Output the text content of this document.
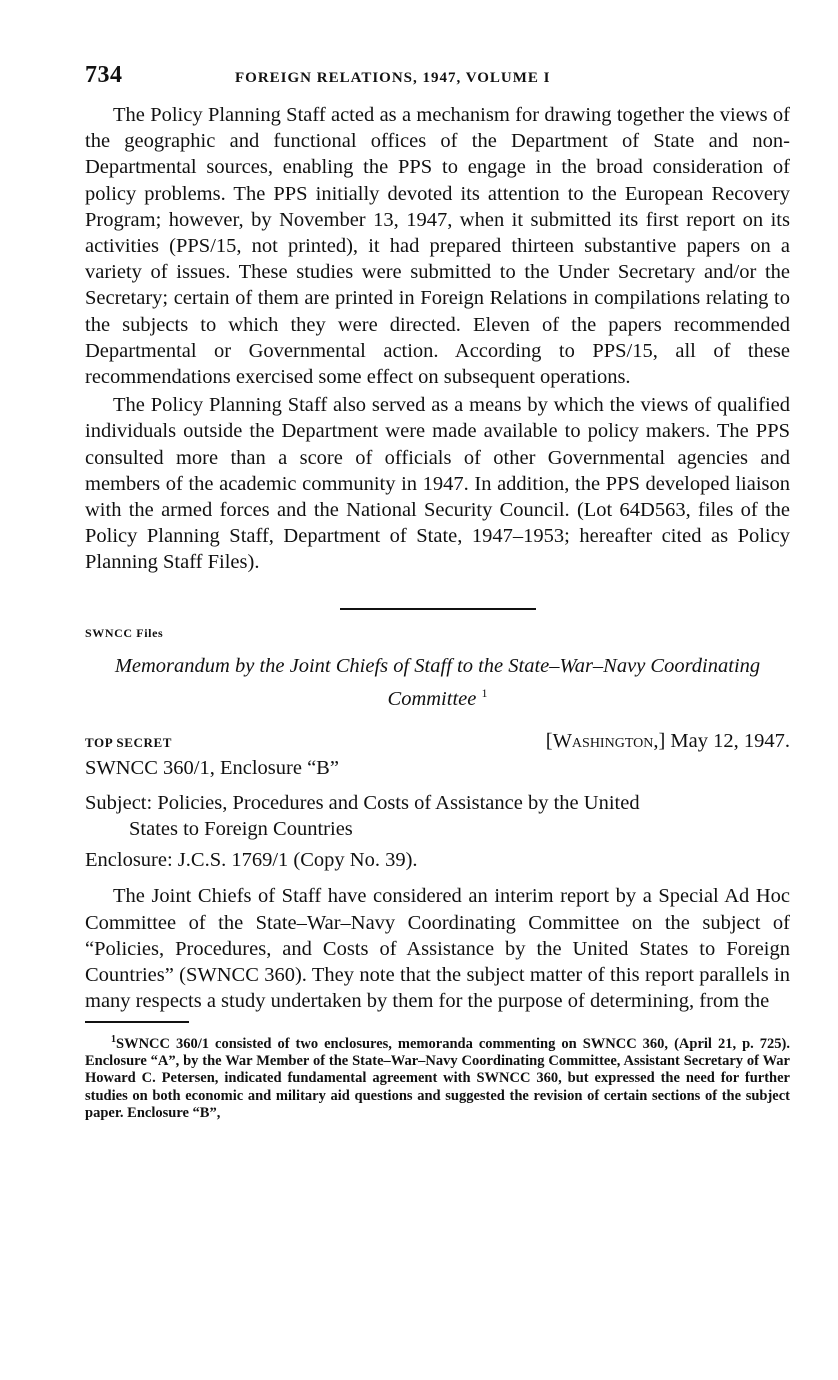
734	FOREIGN RELATIONS, 1947, VOLUME I

The Policy Planning Staff acted as a mechanism for drawing together the views of the geographic and functional offices of the Department of State and non-Departmental sources, enabling the PPS to engage in the broad consideration of policy problems. The PPS initially devoted its attention to the European Recovery Program; however, by November 13, 1947, when it submitted its first report on its activities (PPS/15, not printed), it had prepared thirteen substantive papers on a variety of issues. These studies were submitted to the Under Secretary and/or the Secretary; certain of them are printed in Foreign Relations in compilations relating to the subjects to which they were directed. Eleven of the papers recommended Departmental or Governmental action. According to PPS/15, all of these recommendations exercised some effect on subsequent operations.

The Policy Planning Staff also served as a means by which the views of qualified individuals outside the Department were made available to policy makers. The PPS consulted more than a score of officials of other Governmental agencies and members of the academic community in 1947. In addition, the PPS developed liaison with the armed forces and the National Security Council. (Lot 64D563, files of the Policy Planning Staff, Department of State, 1947–1953; hereafter cited as Policy Planning Staff Files).

SWNCC Files

Memorandum by the Joint Chiefs of Staff to the State–War–Navy Coordinating Committee $^1$

TOP SECRET	[Washington,] May 12, 1947.

SWNCC 360/1, Enclosure “B”

Subject: Policies, Procedures and Costs of Assistance by the United
States to Foreign Countries

Enclosure: J.C.S. 1769/1 (Copy No. 39).

The Joint Chiefs of Staff have considered an interim report by a Special Ad Hoc Committee of the State–War–Navy Coordinating Committee on the subject of “Policies, Procedures, and Costs of Assistance by the United States to Foreign Countries” (SWNCC 360). They note that the subject matter of this report parallels in many respects a study undertaken by them for the purpose of determining, from the

$^1$SWNCC 360/1 consisted of two enclosures, memoranda commenting on SWNCC 360, (April 21, p. 725). Enclosure “A”, by the War Member of the State–War–Navy Coordinating Committee, Assistant Secretary of War Howard C. Petersen, indicated fundamental agreement with SWNCC 360, but expressed the need for further studies on both economic and military aid questions and suggested the revision of certain sections of the subject paper. Enclosure “B”,
